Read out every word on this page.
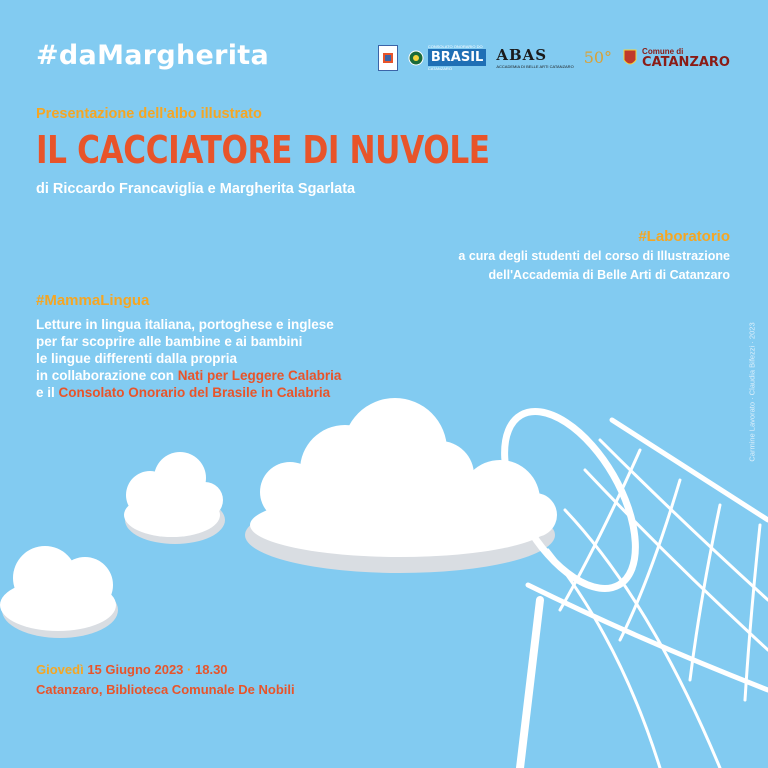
#daMargherita	CONSOLATO ONORARIO DO
BRASIL
CATANZARO
ABAS
ACCADEMIA DI BELLE ARTI CATANZARO 50°	Comune di
CATANZARO
Presentazione dell'albo illustrato
IL CACCIATORE DI NUVOLE
di Riccardo Francaviglia e Margherita Sgarlata
#Laboratorio
a cura degli studenti del corso di Illustrazione
dell'Accademia di Belle Arti di Catanzaro
#MammaLingua
Letture in lingua italiana, portoghese e inglese
per far scoprire alle bambine e ai bambini
le lingue differenti dalla propria
in collaborazione con Nati per Leggere Calabria
e il Consolato Onorario del Brasile in Calabria
Giovedì 15 Giugno 2023 · 18.30
Catanzaro, Biblioteca Comunale De Nobili
Carmine Lavorato · Claudia Bifezzi · 2023
